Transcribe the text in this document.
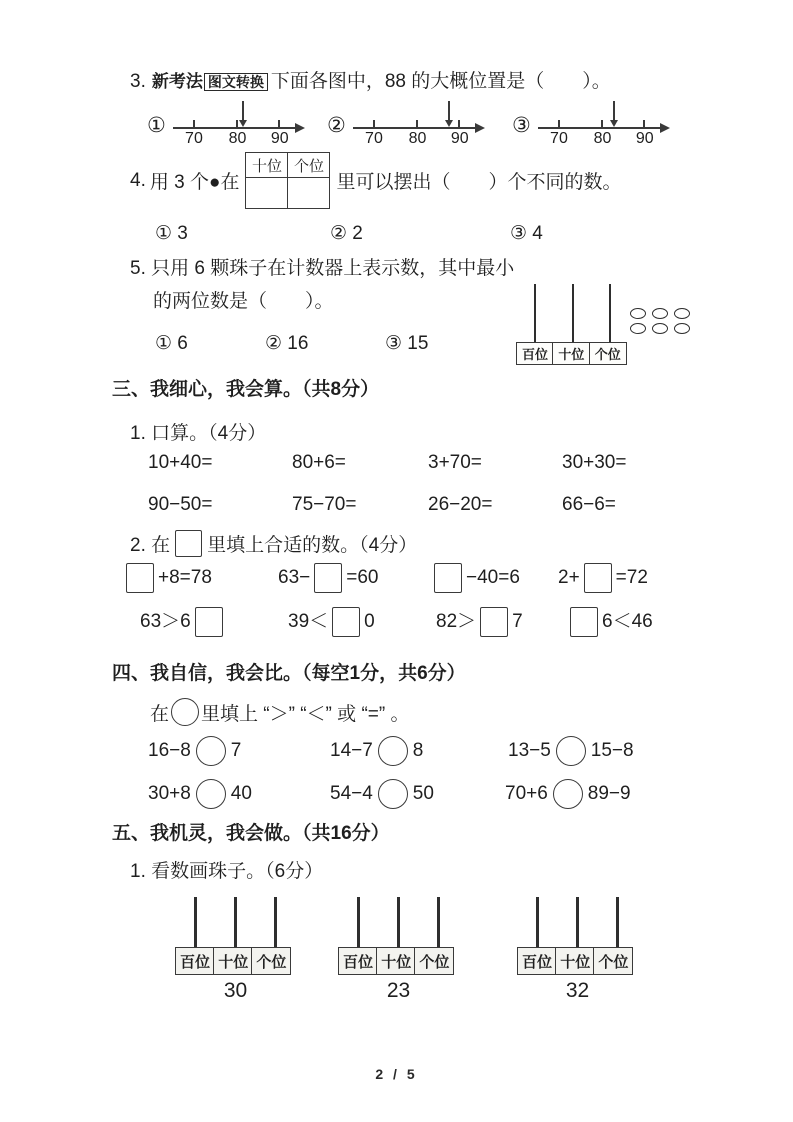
3. 新考法 图文转换 下面各图中，88 的大概位置是（　　）。
①
70 80 90
②
70 80 90
③
70 80 90
4. 用 3 个●在
十位	个位

里可以摆出（　　）个不同的数。
① 3	② 2	③ 4
5. 只用 6 颗珠子在计数器上表示数，其中最小
的两位数是（　　）。
① 6	② 16	③ 15
百位 十位 个位
三、我细心，我会算。（共8分）
1. 口算。（4分）
10+40=	80+6=	3+70=	30+30=
90−50=	75−70=	26−20=	66−6=
2. 在 里填上合适的数。（4分）
+8=78	63− =60	−40=6 2+ =72
63＞6	39＜ 0	82＞ 7	6＜46
四、我自信，我会比。（每空1分，共6分）
在 里填上 “＞” “＜” 或 “=” 。
16−8 7	14−7 8	13−5 15−8
30+8 40	54−4 50	70+6 89−9
五、我机灵，我会做。（共16分）
1. 看数画珠子。（6分）
百位 十位 个位
30
百位 十位 个位
23
百位 十位 个位
32
2 / 5
